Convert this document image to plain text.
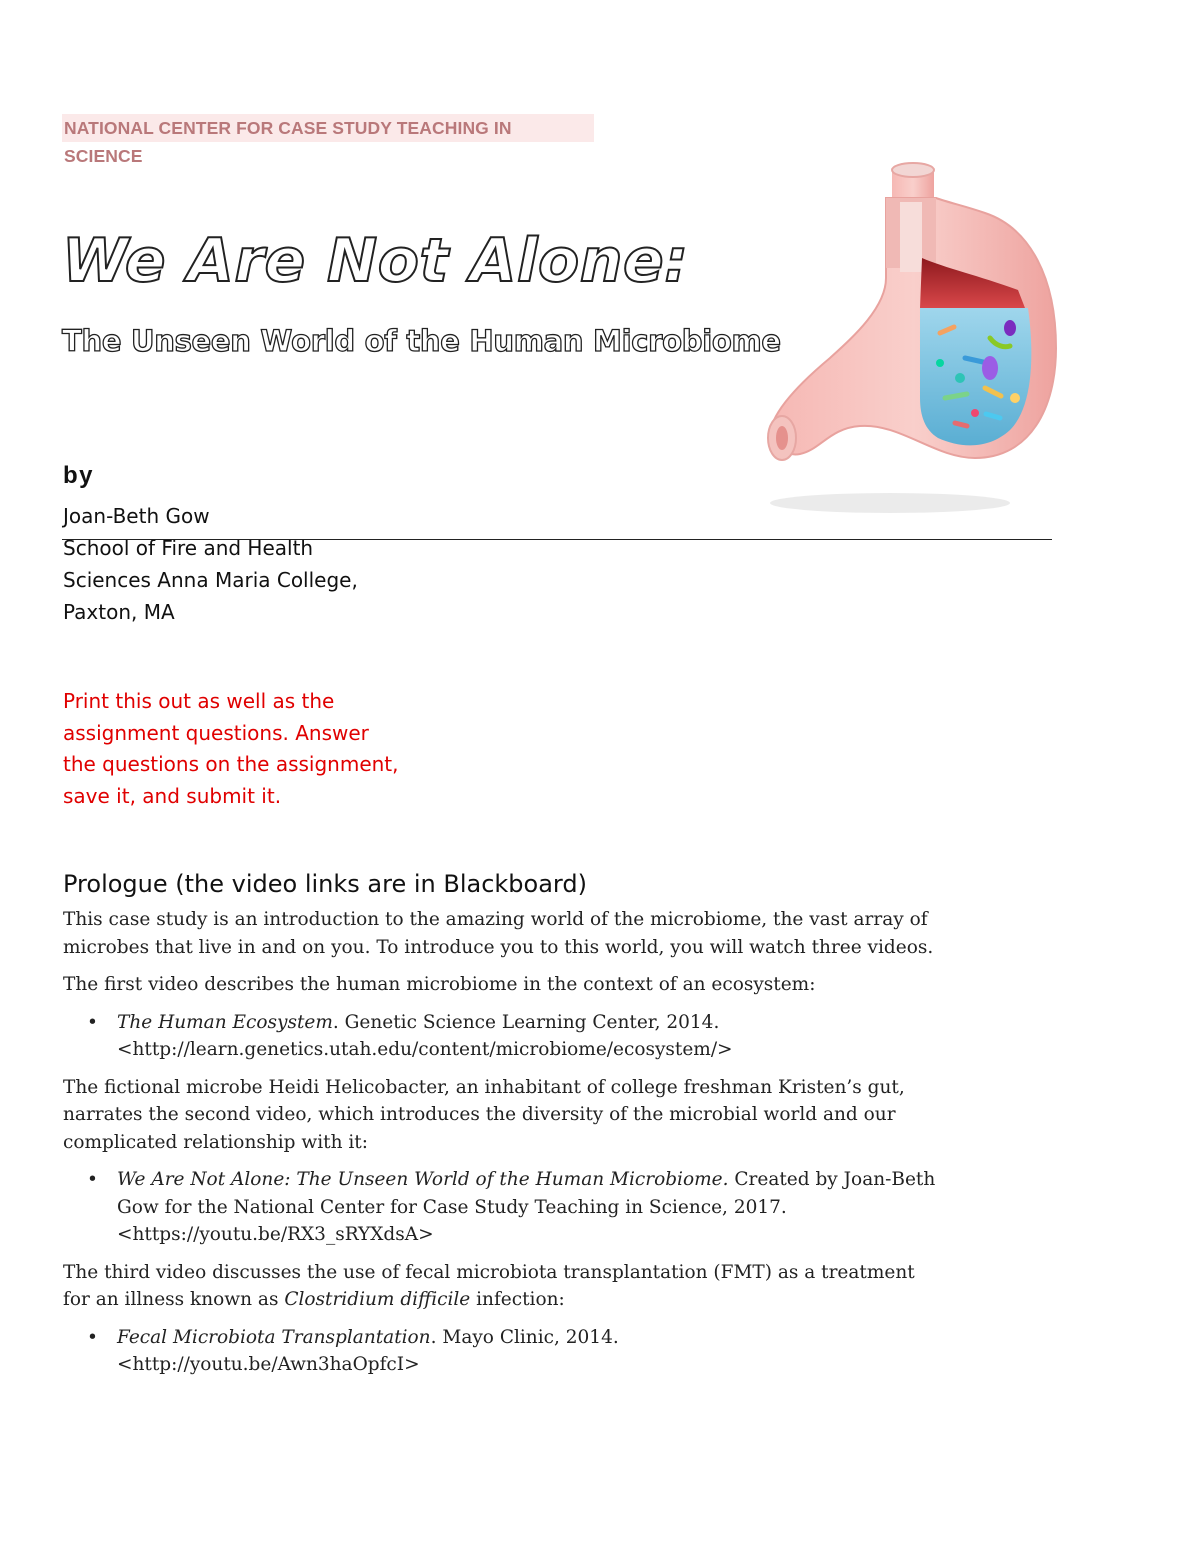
NATIONAL CENTER FOR CASE STUDY TEACHING IN SCIENCE
We Are Not Alone:
The Unseen World of the Human Microbiome
by
Joan-Beth Gow
School of Fire and Health
Sciences Anna Maria College,
Paxton, MA
Print this out as well as the
assignment questions. Answer
the questions on the assignment,
save it, and submit it.
Prologue (the video links are in Blackboard)

This case study is an introduction to the amazing world of the microbiome, the vast array of
microbes that live in and on you. To introduce you to this world, you will watch three videos.

The first video describes the human microbiome in the context of an ecosystem:

• The Human Ecosystem. Genetic Science Learning Center, 2014.
<http://learn.genetics.utah.edu/content/microbiome/ecosystem/>

The fictional microbe Heidi Helicobacter, an inhabitant of college freshman Kristen’s gut,
narrates the second video, which introduces the diversity of the microbial world and our
complicated relationship with it:

• We Are Not Alone: The Unseen World of the Human Microbiome. Created by Joan-Beth
Gow for the National Center for Case Study Teaching in Science, 2017.
<https://youtu.be/RX3_sRYXdsA>

The third video discusses the use of fecal microbiota transplantation (FMT) as a treatment
for an illness known as Clostridium difficile infection:

• Fecal Microbiota Transplantation. Mayo Clinic, 2014.
<http://youtu.be/Awn3haOpfcI>
